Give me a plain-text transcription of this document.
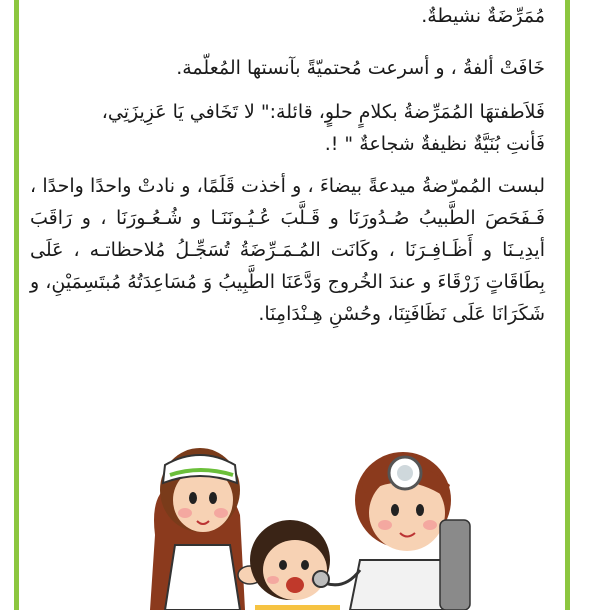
مُمَرِّضَةٌ نشيطةٌ.

خَافَتْ ألفةُ ، و أسرعت مُحتميّةً بآنستها المُعلّمة.

فَلاَطفتهَا المُمَرِّضةُ بكلامٍ حلوٍ، قائلة:" لا تَخَافي يَا عَزِيزَتِي،
فَأنتِ بُنَيَّةٌ نظيفةٌ شجاعةٌ " !.

لبست المُمرّضةُ ميدعةً بيضاءَ ، و أخذت قَلَمًا، و نادتْ واحدًا واحدًا ، فَـفَحَصَ الطَّبيبُ صُـدُورَنَا و قَـلَّبَ عُـيُـونَنَـا و شُـعُـورَنَا ، و رَاقَبَ أيدِيـنَا و أَظَـافِـرَنَا ، وكَانَت المُـمَـرِّضَةُ تُسَجِّـلُ مُلاحظاتـه ، عَلَى بِطَاقَاتٍ زَرْقَاءَ و عندَ الخُروج وَدَّعَنَا الطَّبِيبُ وَ مُسَاعِدَتُهُ مُبتَسِمَيْنِ، و شَكَرَانَا عَلَى نَظَافَتِنَا، وحُسْنِ هِـنْدَامِنَا.
